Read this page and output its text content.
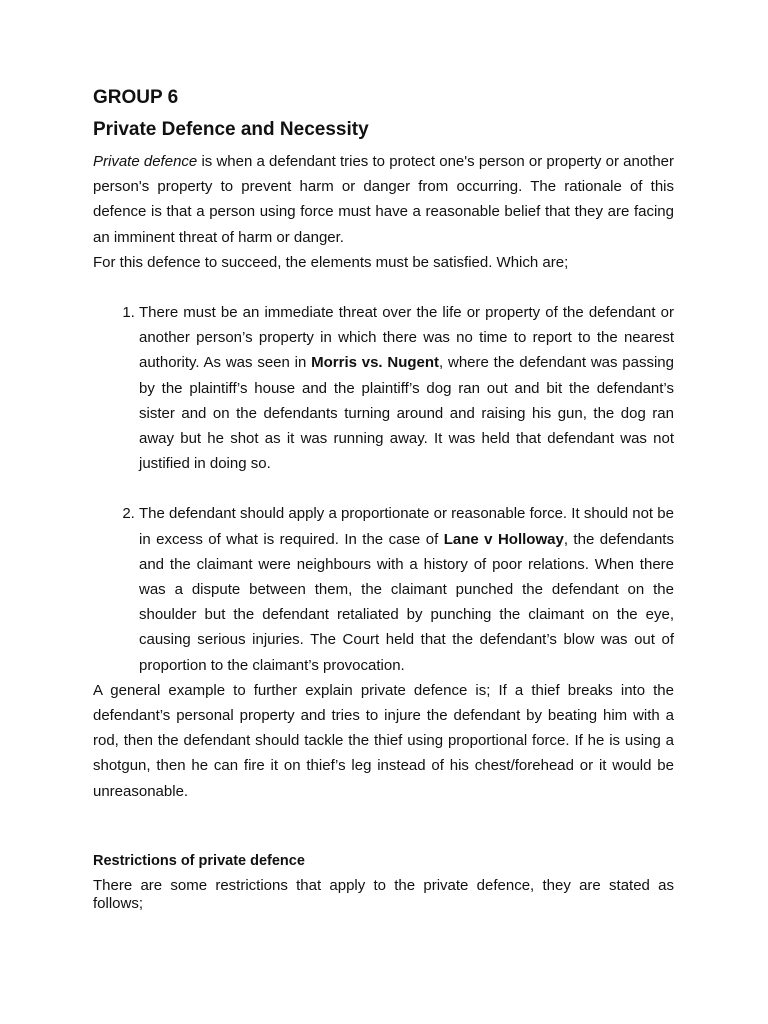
GROUP 6
Private Defence and Necessity

Private defence is when a defendant tries to protect one's person or property or another person's property to prevent harm or danger from occurring. The rationale of this defence is that a person using force must have a reasonable belief that they are facing an imminent threat of harm or danger.

For this defence to succeed, the elements must be satisfied. Which are;

1. There must be an immediate threat over the life or property of the defendant or another person’s property in which there was no time to report to the nearest authority. As was seen in Morris vs. Nugent, where the defendant was passing by the plaintiff’s house and the plaintiff’s dog ran out and bit the defendant’s sister and on the defendants turning around and raising his gun, the dog ran away but he shot as it was running away. It was held that defendant was not justified in doing so.
2. The defendant should apply a proportionate or reasonable force. It should not be in excess of what is required. In the case of Lane v Holloway, the defendants and the claimant were neighbours with a history of poor relations. When there was a dispute between them, the claimant punched the defendant on the shoulder but the defendant retaliated by punching the claimant on the eye, causing serious injuries. The Court held that the defendant’s blow was out of proportion to the claimant’s provocation.

A general example to further explain private defence is; If a thief breaks into the defendant’s personal property and tries to injure the defendant by beating him with a rod, then the defendant should tackle the thief using proportional force. If he is using a shotgun, then he can fire it on thief’s leg instead of his chest/forehead or it would be unreasonable.

Restrictions of private defence

There are some restrictions that apply to the private defence, they are stated as follows;
